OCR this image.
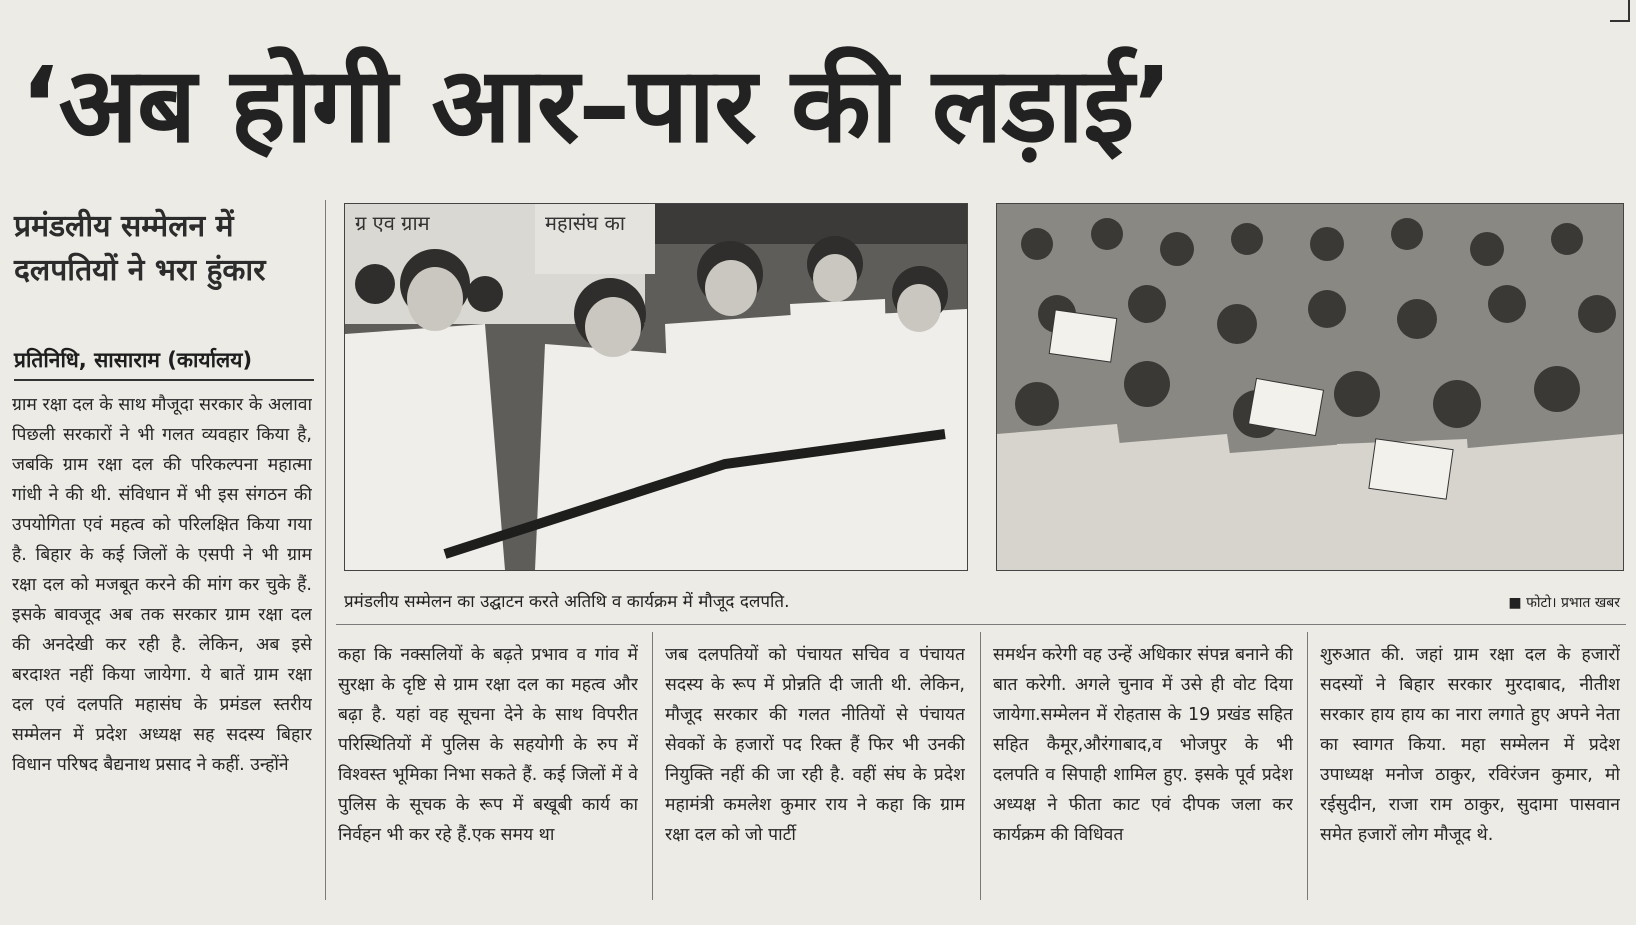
‘अब होगी आर–पार की लड़ाई’
प्रमंडलीय सम्मेलन में दलपतियों ने भरा हुंकार
प्रतिनिधि, सासाराम (कार्यालय)
ग्राम रक्षा दल के साथ मौजूदा सरकार के अलावा पिछली सरकारों ने भी गलत व्यवहार किया है, जबकि ग्राम रक्षा दल की परिकल्पना महात्मा गांधी ने की थी. संविधान में भी इस संगठन की उपयोगिता एवं महत्व को परिलक्षित किया गया है. बिहार के कई जिलों के एसपी ने भी ग्राम रक्षा दल को मजबूत करने की मांग कर चुके हैं. इसके बावजूद अब तक सरकार ग्राम रक्षा दल की अनदेखी कर रही है. लेकिन, अब इसे बरदाश्त नहीं किया जायेगा. ये बातें ग्राम रक्षा दल एवं दलपति महासंघ के प्रमंडल स्तरीय सम्मेलन में प्रदेश अध्यक्ष सह सदस्य बिहार विधान परिषद बैद्यनाथ प्रसाद ने कहीं. उन्होंने
ग्र एव ग्राम	महासंघ का
प्रमंडलीय सम्मेलन का उद्घाटन करते अतिथि व कार्यक्रम में मौजूद दलपति.	■ फोटो। प्रभात खबर
कहा कि नक्सलियों के बढ़ते प्रभाव व गांव में सुरक्षा के दृष्टि से ग्राम रक्षा दल का महत्व और बढ़ा है. यहां वह सूचना देने के साथ विपरीत परिस्थितियों में पुलिस के सहयोगी के रुप में विश्वस्त भूमिका निभा सकते हैं. कई जिलों में वे पुलिस के सूचक के रूप में बखूबी कार्य का निर्वहन भी कर रहे हैं.एक समय था
जब दलपतियों को पंचायत सचिव व पंचायत सदस्य के रूप में प्रोन्नति दी जाती थी. लेकिन, मौजूद सरकार की गलत नीतियों से पंचायत सेवकों के हजारों पद रिक्त हैं फिर भी उनकी नियुक्ति नहीं की जा रही है. वहीं संघ के प्रदेश महामंत्री कमलेश कुमार राय ने कहा कि ग्राम रक्षा दल को जो पार्टी
समर्थन करेगी वह उन्हें अधिकार संपन्न बनाने की बात करेगी. अगले चुनाव में उसे ही वोट दिया जायेगा.सम्मेलन में रोहतास के 19 प्रखंड सहित सहित कैमूर,औरंगाबाद,व भोजपुर के भी दलपति व सिपाही शामिल हुए. इसके पूर्व प्रदेश अध्यक्ष ने फीता काट एवं दीपक जला कर कार्यक्रम की विधिवत
शुरुआत की. जहां ग्राम रक्षा दल के हजारों सदस्यों ने बिहार सरकार मुरदाबाद, नीतीश सरकार हाय हाय का नारा लगाते हुए अपने नेता का स्वागत किया. महा सम्मेलन में प्रदेश उपाध्यक्ष मनोज ठाकुर, रविरंजन कुमार, मो रईसुदीन, राजा राम ठाकुर, सुदामा पासवान समेत हजारों लोग मौजूद थे.
